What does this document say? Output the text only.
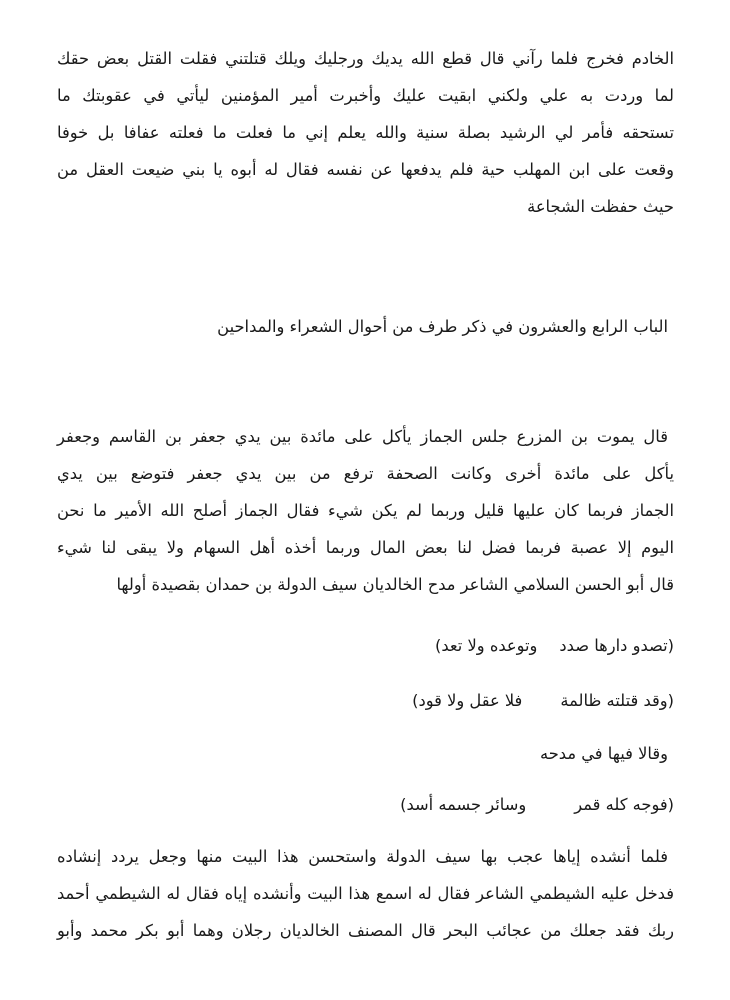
الخادم فخرج فلما رآني قال قطع الله يديك ورجليك ويلك قتلتني فقلت القتل بعض حقك
لما وردت به علي ولكني ابقيت عليك وأخبرت أمير المؤمنين ليأتي في عقوبتك ما
تستحقه فأمر لي الرشيد بصلة سنية والله يعلم إني ما فعلت ما فعلته عفافا بل خوفا
وقعت على ابن المهلب حية فلم يدفعها عن نفسه فقال له أبوه يا بني ضيعت العقل من
حيث حفظت الشجاعة
الباب الرابع والعشرون في ذكر طرف من أحوال الشعراء والمداحين
قال يموت بن المزرع جلس الجماز يأكل على مائدة بين يدي جعفر بن القاسم وجعفر
يأكل على مائدة أخرى وكانت الصحفة ترفع من بين يدي جعفر فتوضع بين يدي
الجماز فربما كان عليها قليل وربما لم يكن شيء فقال الجماز أصلح الله الأمير ما نحن
اليوم إلا عصبة فربما فضل لنا بعض المال وربما أخذه أهل السهام ولا يبقى لنا شيء
قال أبو الحسن السلامي الشاعر مدح الخالديان سيف الدولة بن حمدان بقصيدة أولها
(تصدو دارها صددوتوعده ولا تعد)
(وقد قتلته ظالمةفلا عقل ولا قود)
وقالا فيها في مدحه
(فوجه كله قمروسائر جسمه أسد)
فلما أنشده إياها عجب بها سيف الدولة واستحسن هذا البيت منها وجعل يردد إنشاده
فدخل عليه الشيطمي الشاعر فقال له اسمع هذا البيت وأنشده إياه فقال له الشيطمي أحمد
ربك فقد جعلك من عجائب البحر قال المصنف الخالديان رجلان وهما أبو بكر محمد وأبو
